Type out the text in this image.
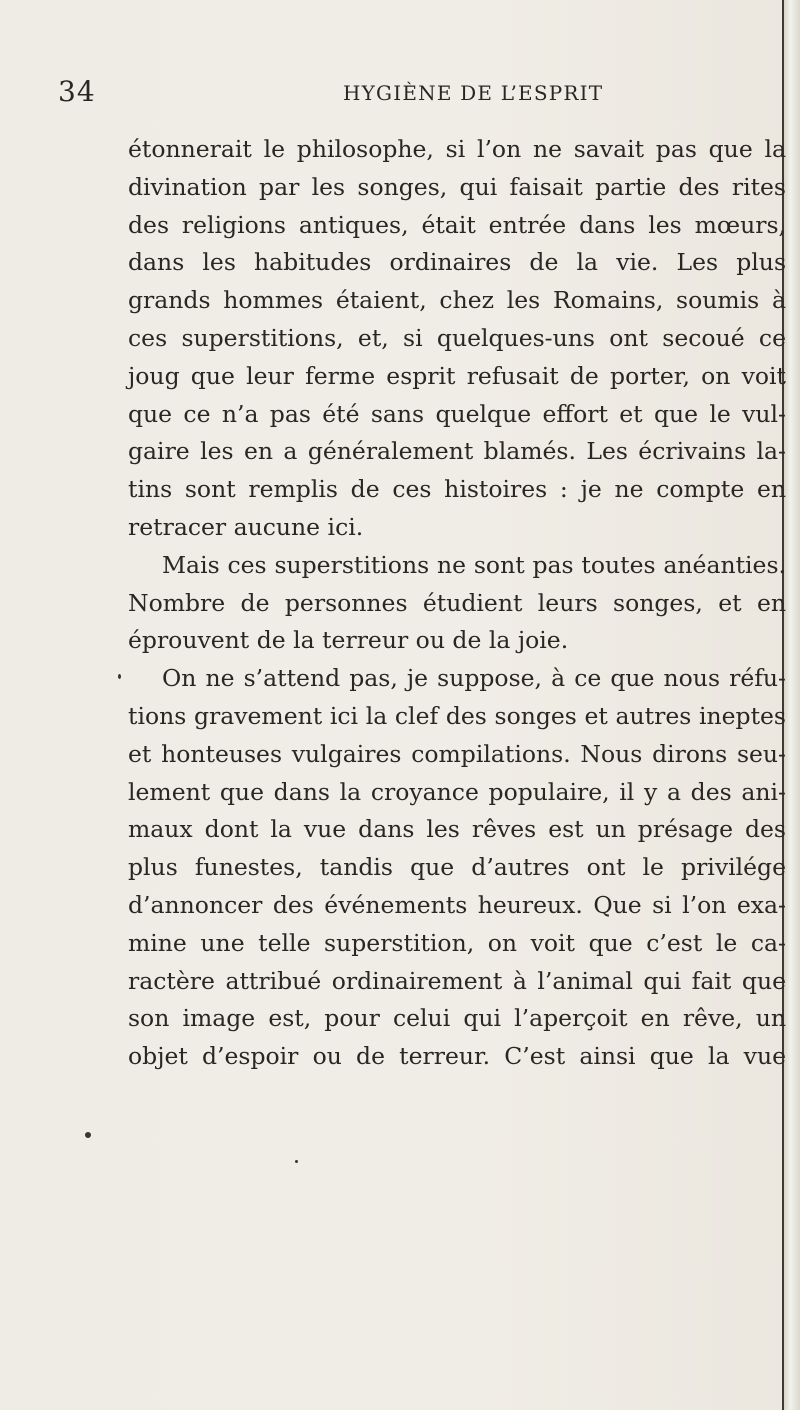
34	HYGIÈNE DE L’ESPRIT
étonnerait le philosophe, si l’on ne savait pas que la
divination par les songes, qui faisait partie des rites
des religions antiques, était entrée dans les mœurs,
dans les habitudes ordinaires de la vie. Les plus
grands hommes étaient, chez les Romains, soumis à
ces superstitions, et, si quelques-uns ont secoué ce
joug que leur ferme esprit refusait de porter, on voit
que ce n’a pas été sans quelque effort et que le vul-
gaire les en a généralement blamés. Les écrivains la-
tins sont remplis de ces histoires : je ne compte en
retracer aucune ici.
Mais ces superstitions ne sont pas toutes anéanties.
Nombre de personnes étudient leurs songes, et en
éprouvent de la terreur ou de la joie.
On ne s’attend pas, je suppose, à ce que nous réfu-
tions gravement ici la clef des songes et autres ineptes
et honteuses vulgaires compilations. Nous dirons seu-
lement que dans la croyance populaire, il y a des ani-
maux dont la vue dans les rêves est un présage des
plus funestes, tandis que d’autres ont le privilége
d’annoncer des événements heureux. Que si l’on exa-
mine une telle superstition, on voit que c’est le ca-
ractère attribué ordinairement à l’animal qui fait que
son image est, pour celui qui l’aperçoit en rêve, un
objet d’espoir ou de terreur. C’est ainsi que la vue
